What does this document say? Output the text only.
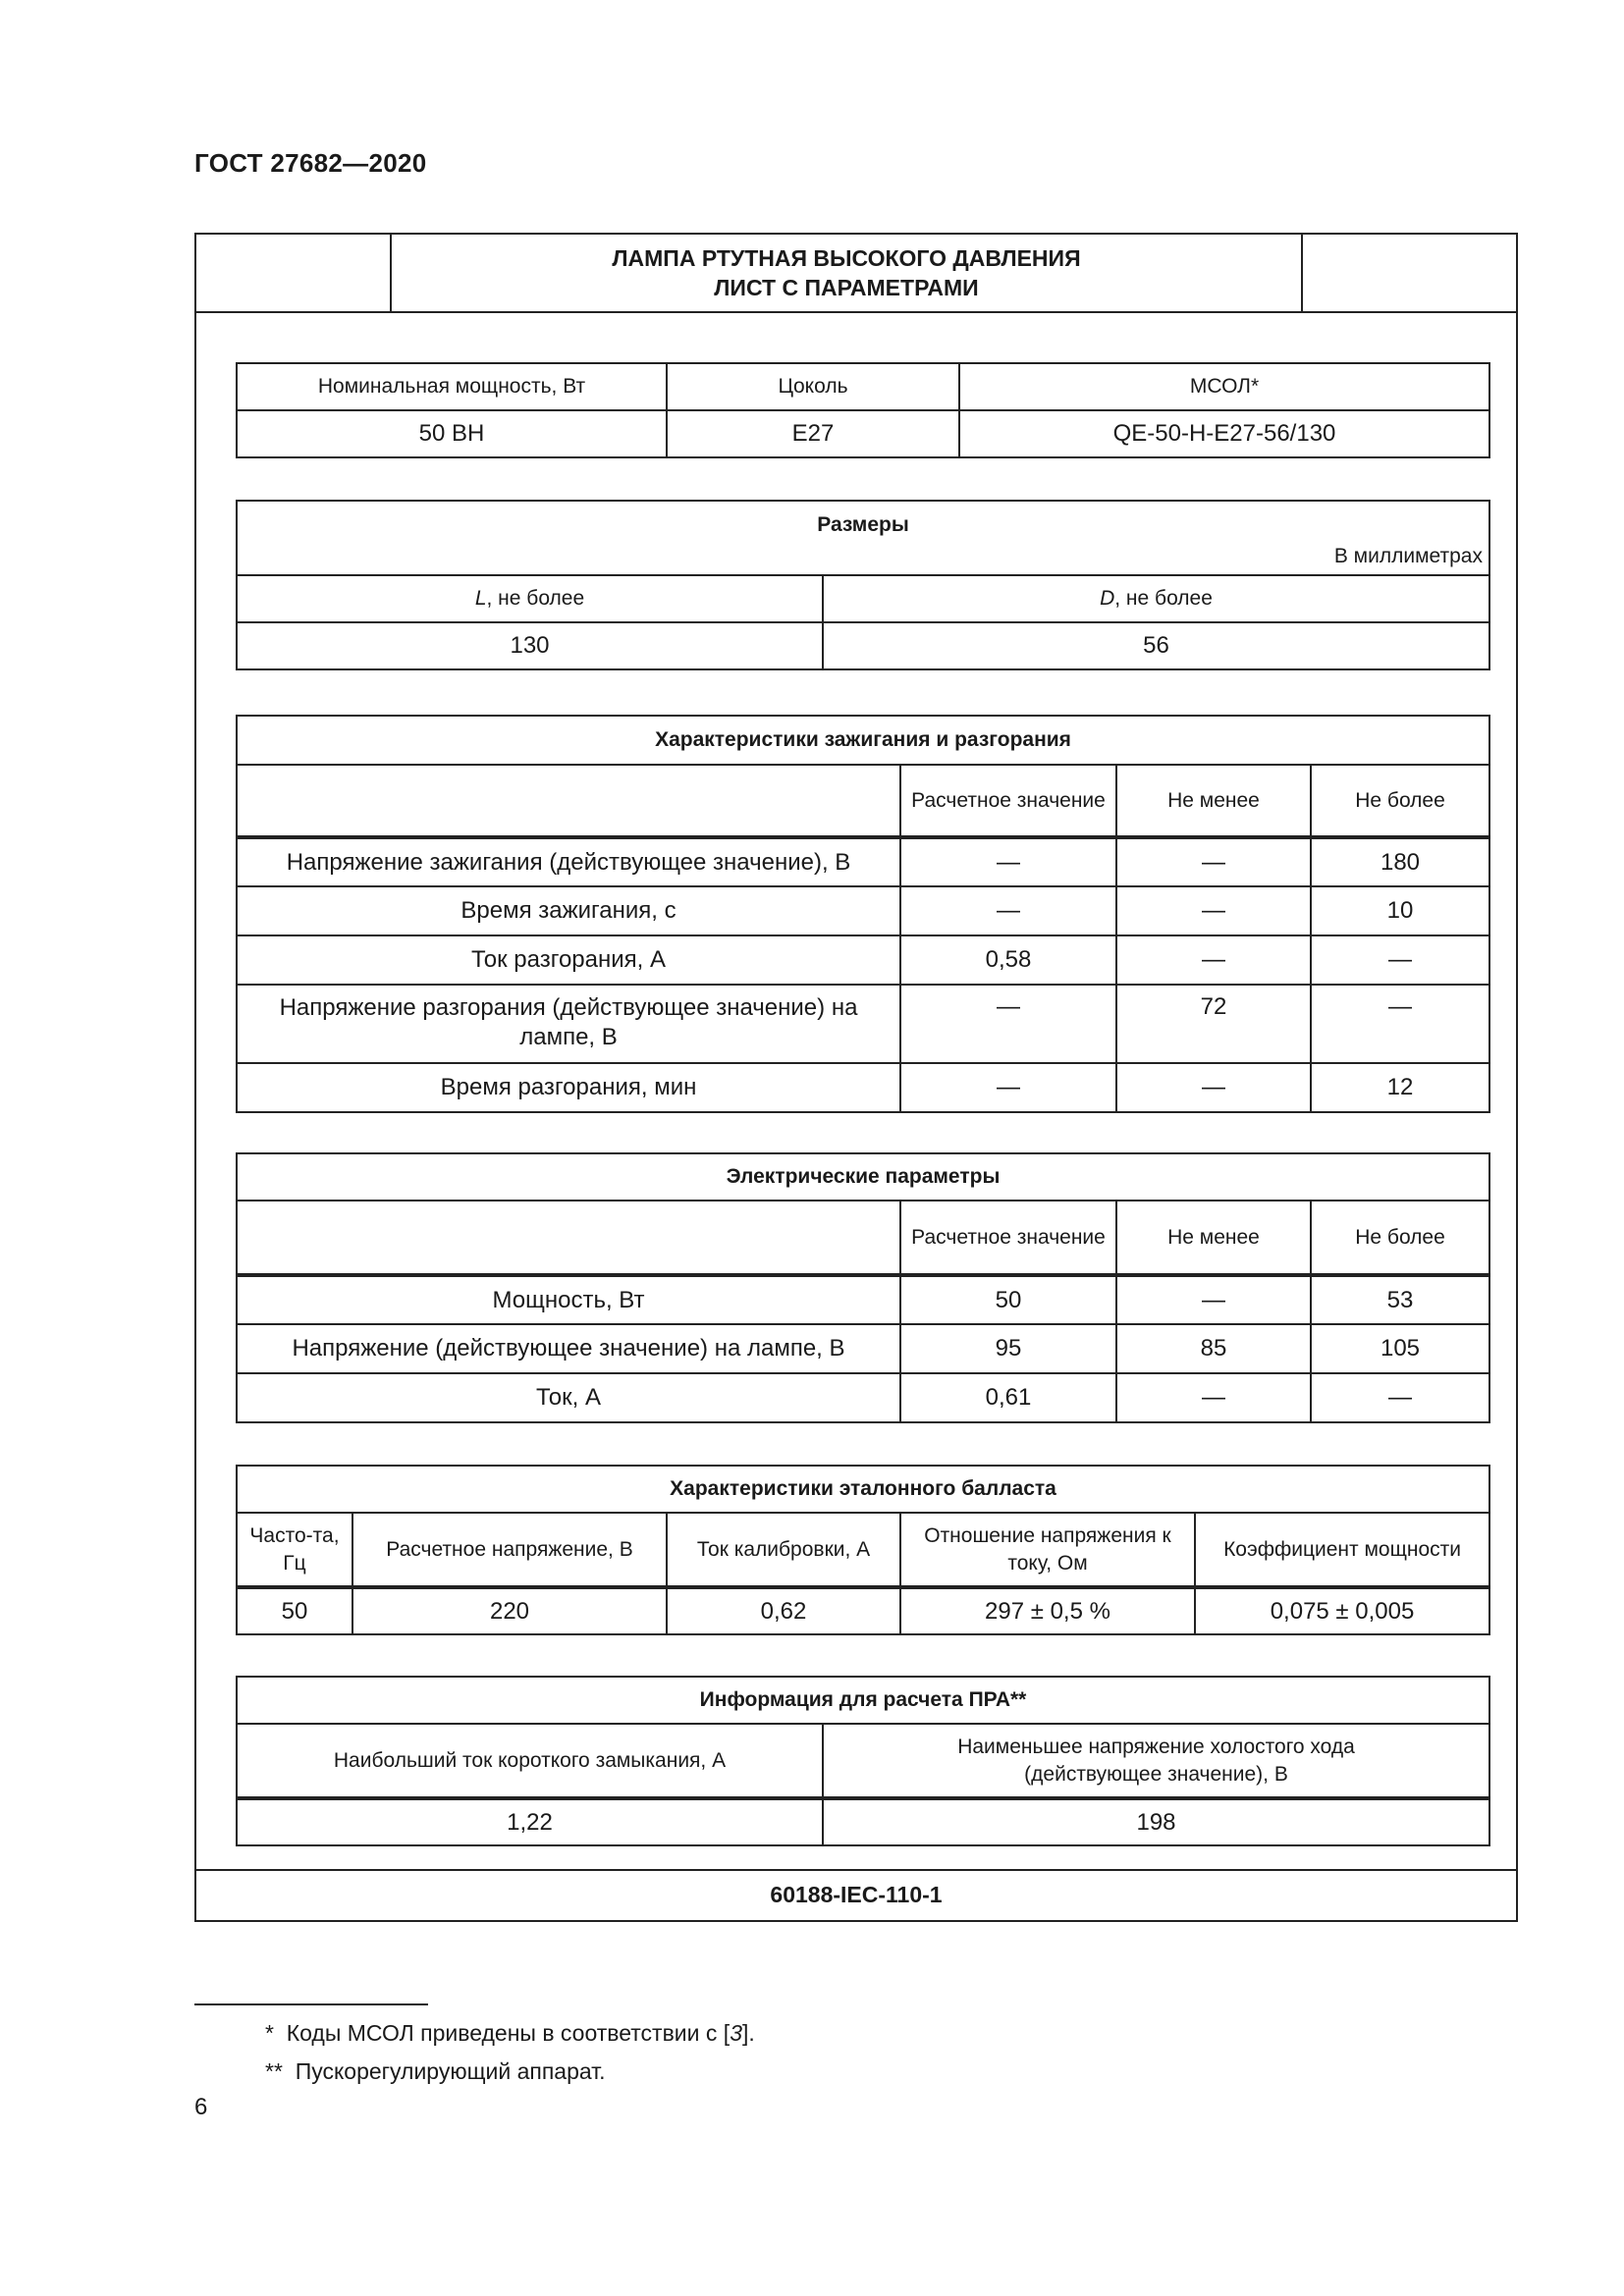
ГОСТ 27682—2020
ЛАМПА РТУТНАЯ ВЫСОКОГО ДАВЛЕНИЯ
ЛИСТ С ПАРАМЕТРАМИ
Номинальная мощность, Вт	Цоколь	МСОЛ*
50 ВН	E27	QE-50-H-E27-56/130
Размеры
В миллиметрах	

L, не более	D, не более
130	56
Характеристики зажигания и разгорания			
	Расчетное значение	Не менее	Не более
Напряжение зажигания (действующее значение), В	—	—	180
Время зажигания, с	—	—	10
Ток разгорания, А	0,58	—	—
Напряжение разгорания (действующее значение) на лампе, В	—	72	—
Время разгорания, мин	—	—	12
Электрические параметры			
	Расчетное значение	Не менее	Не более
Мощность, Вт	50	—	53
Напряжение (действующее значение) на лампе, В	95	85	105
Ток, А	0,61	—	—
Характеристики эталонного балласта				
Часто-та, Гц	Расчетное напряжение, В	Ток калибровки, А	Отношение напряжения к току, Ом	Коэффициент мощности
50	220	0,62	297 ± 0,5 %	0,075 ± 0,005
Информация для расчета ПРА**	
Наибольший ток короткого замыкания, А	Наименьшее напряжение холостого хода (действующее значение), В
1,22	198
60188-IEC-110-1
* Коды МСОЛ приведены в соответствии с [3].
** Пускорегулирующий аппарат.
6
